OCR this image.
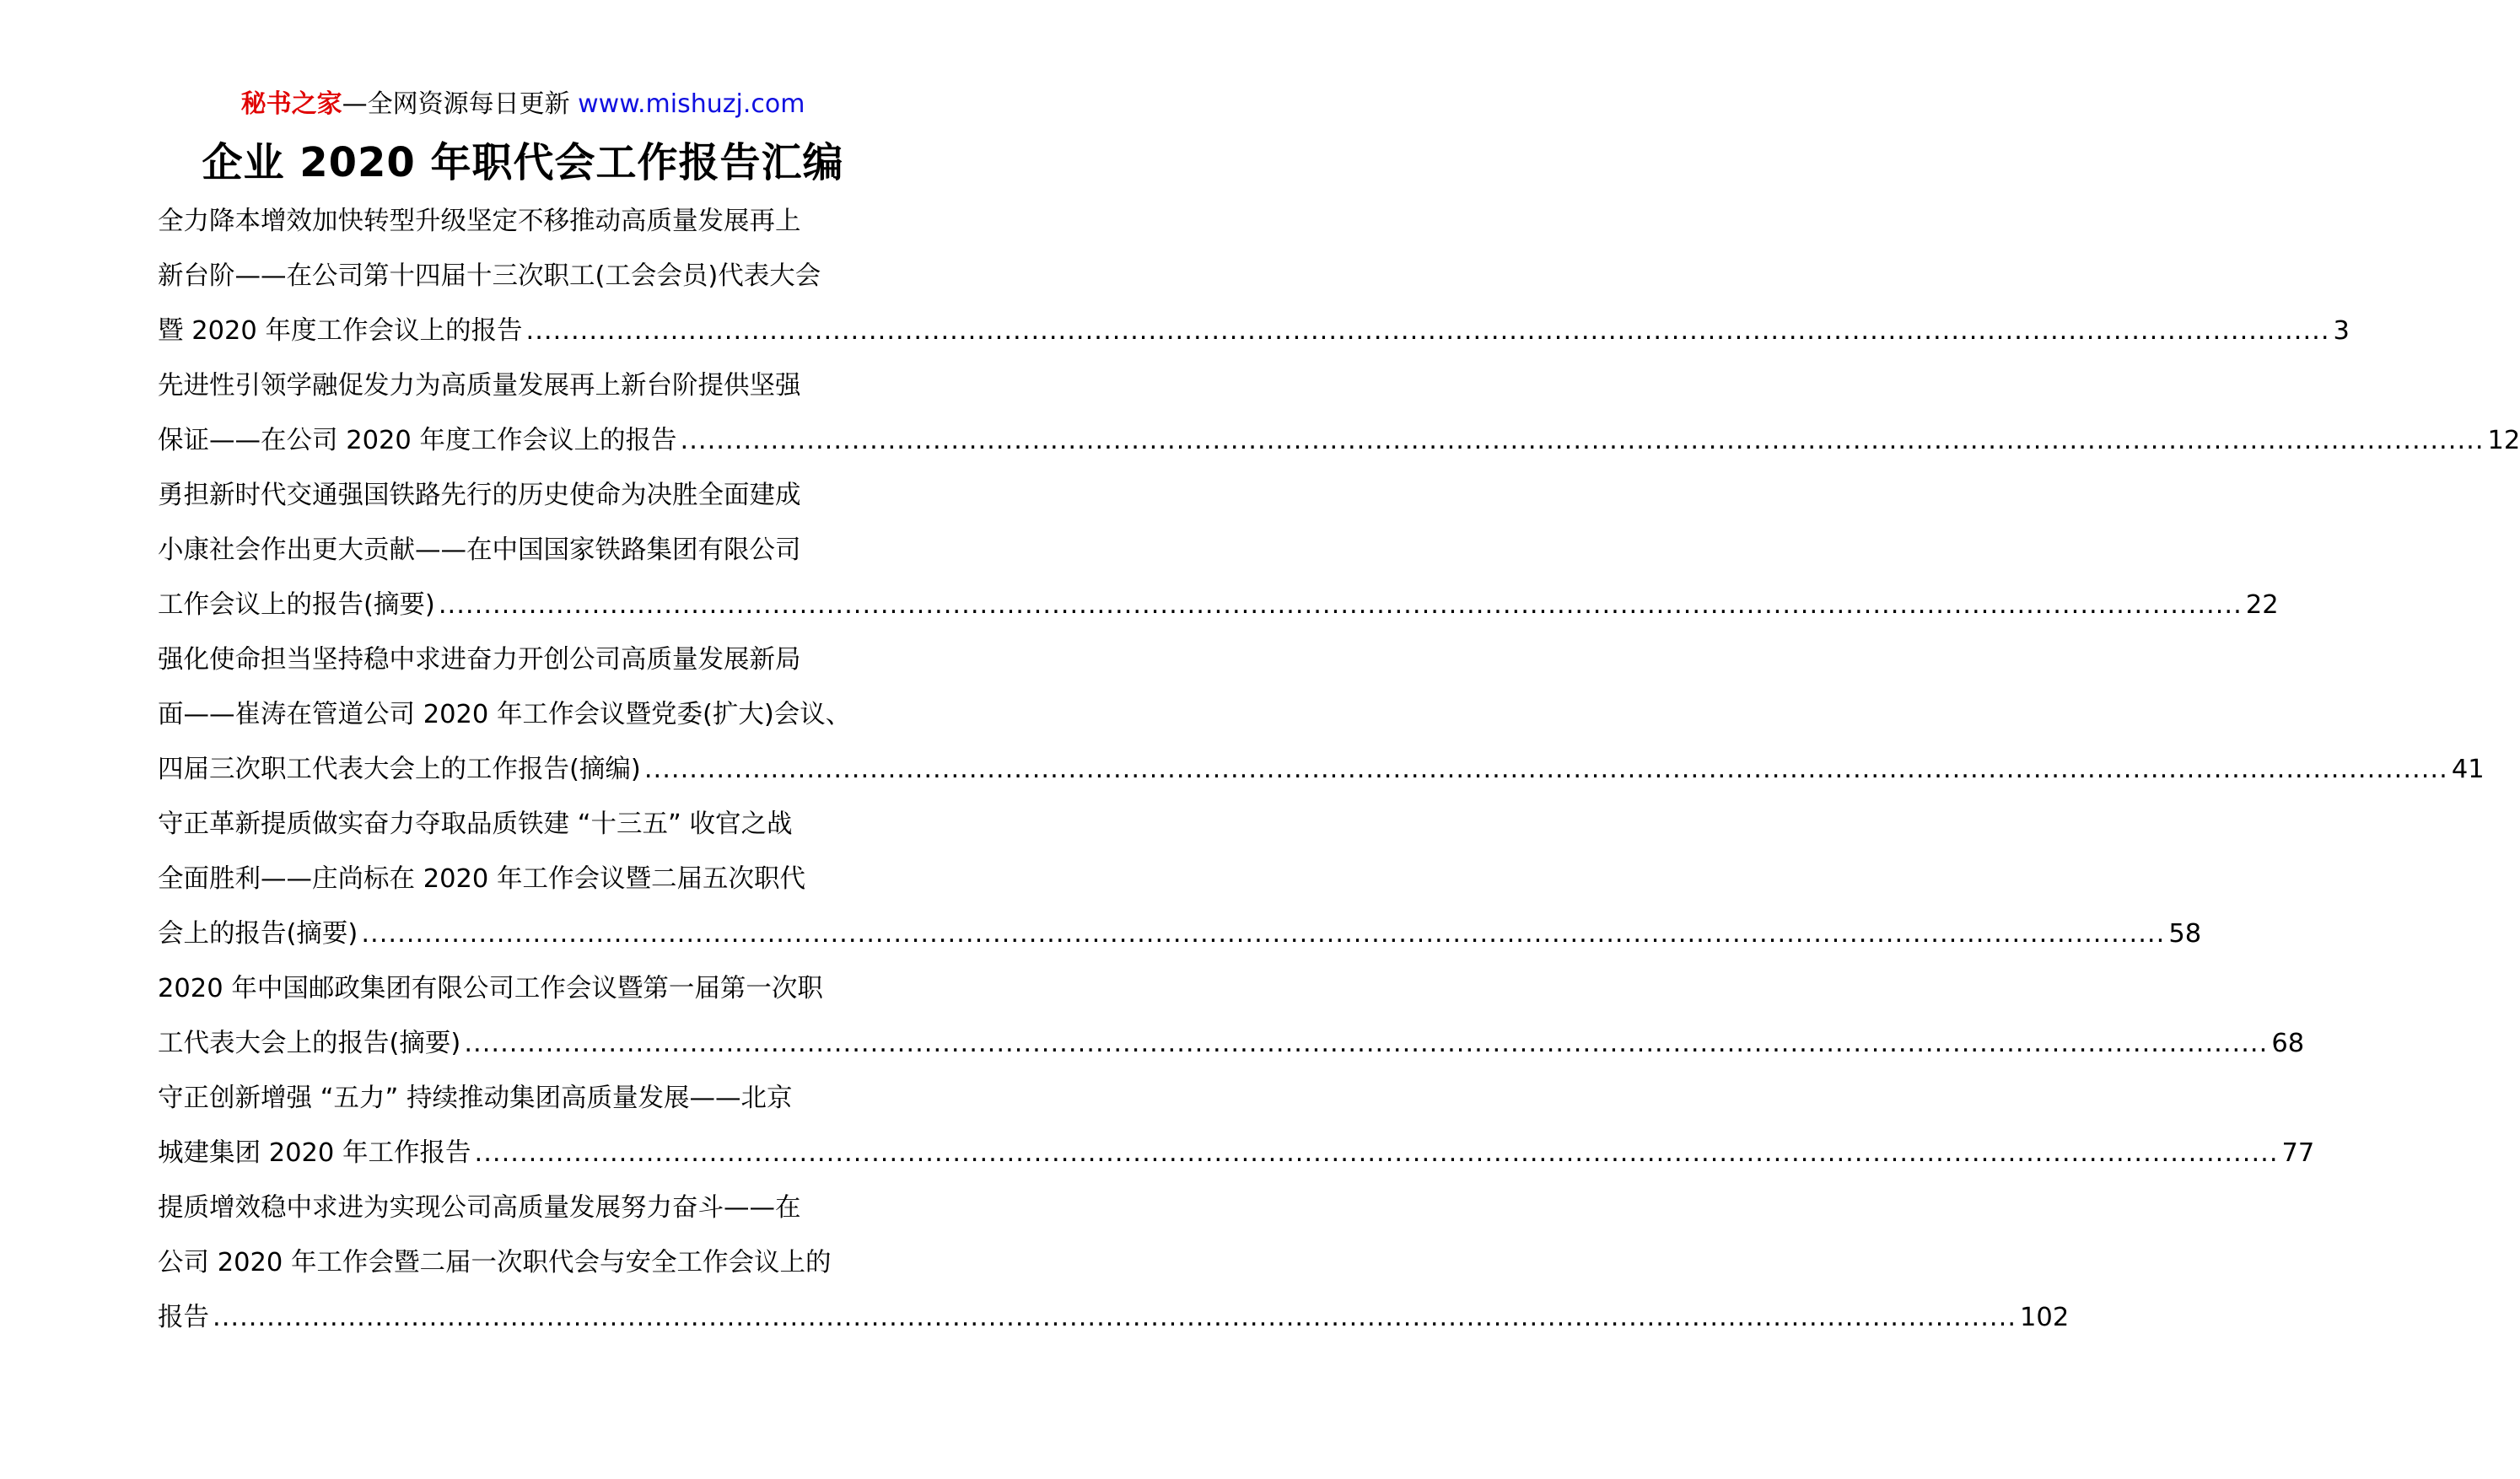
秘书之家—全网资源每日更新 www.mishuzj.com
企业 2020 年职代会工作报告汇编
全力降本增效加快转型升级坚定不移推动高质量发展再上
新台阶——在公司第十四届十三次职工(工会会员)代表大会
暨 2020 年度工作会议上的报告 ........................................................................................................................................................................................................ 3
先进性引领学融促发力为高质量发展再上新台阶提供坚强
保证——在公司 2020 年度工作会议上的报告 ........................................................................................................................................................................................................ 12
勇担新时代交通强国铁路先行的历史使命为决胜全面建成
小康社会作出更大贡献——在中国国家铁路集团有限公司
工作会议上的报告(摘要) ........................................................................................................................................................................................................ 22
强化使命担当坚持稳中求进奋力开创公司高质量发展新局
面——崔涛在管道公司 2020 年工作会议暨党委(扩大)会议、
四届三次职工代表大会上的工作报告(摘编) ........................................................................................................................................................................................................ 41
守正革新提质做实奋力夺取品质铁建 “十三五” 收官之战
全面胜利——庄尚标在 2020 年工作会议暨二届五次职代
会上的报告(摘要) ........................................................................................................................................................................................................ 58
2020 年中国邮政集团有限公司工作会议暨第一届第一次职
工代表大会上的报告(摘要) ........................................................................................................................................................................................................ 68
守正创新增强 “五力” 持续推动集团高质量发展——北京
城建集团 2020 年工作报告 ........................................................................................................................................................................................................ 77
提质增效稳中求进为实现公司高质量发展努力奋斗——在
公司 2020 年工作会暨二届一次职代会与安全工作会议上的
报告 ........................................................................................................................................................................................................ 102
